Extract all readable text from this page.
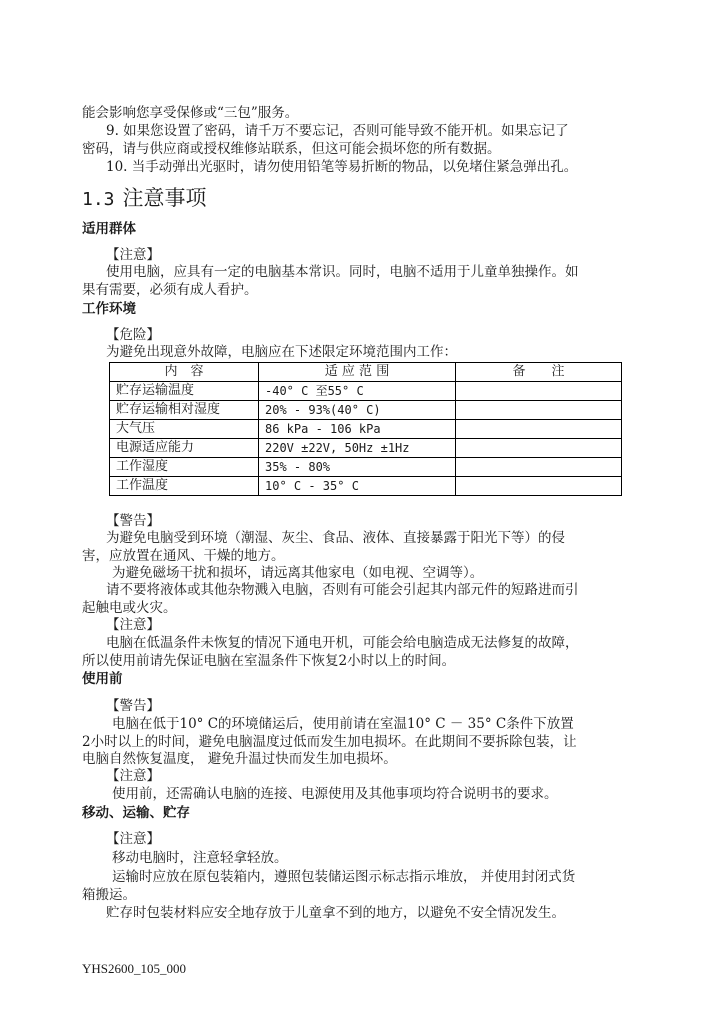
能会影响您享受保修或“三包”服务。
9. 如果您设置了密码，请千万不要忘记，否则可能导致不能开机。如果忘记了
密码，请与供应商或授权维修站联系，但这可能会损坏您的所有数据。
10. 当手动弹出光驱时，请勿使用铅笔等易折断的物品，以免堵住紧急弹出孔。
1.3 注意事项
适用群体
【注意】
使用电脑，应具有一定的电脑基本常识。同时，电脑不适用于儿童单独操作。如
果有需要，必须有成人看护。
工作环境
【危险】
为避免出现意外故障，电脑应在下述限定环境范围内工作：
内　容	适 应 范 围	备　　注
贮存运输温度	-40° C 至55° C	
贮存运输相对湿度	20% - 93%(40° C)	
大气压	86 kPa - 106 kPa	
电源适应能力	220V ±22V, 50Hz ±1Hz	
工作湿度	35% - 80%	
工作温度	10° C - 35° C	
【警告】
为避免电脑受到环境（潮湿、灰尘、食品、液体、直接暴露于阳光下等）的侵
害，应放置在通风、干燥的地方。
为避免磁场干扰和损坏，请远离其他家电（如电视、空调等）。
请不要将液体或其他杂物溅入电脑，否则有可能会引起其内部元件的短路进而引
起触电或火灾。
【注意】
电脑在低温条件未恢复的情况下通电开机，可能会给电脑造成无法修复的故障，
所以使用前请先保证电脑在室温条件下恢复2小时以上的时间。
使用前
【警告】
电脑在低于10° C的环境储运后，使用前请在室温10° C － 35° C条件下放置
2小时以上的时间，避免电脑温度过低而发生加电损坏。在此期间不要拆除包装，让
电脑自然恢复温度， 避免升温过快而发生加电损坏。
【注意】
使用前，还需确认电脑的连接、电源使用及其他事项均符合说明书的要求。
移动、运输、贮存
【注意】
移动电脑时，注意轻拿轻放。
运输时应放在原包装箱内，遵照包装储运图示标志指示堆放， 并使用封闭式货
箱搬运。
贮存时包装材料应安全地存放于儿童拿不到的地方，以避免不安全情况发生。
YHS2600_105_000
